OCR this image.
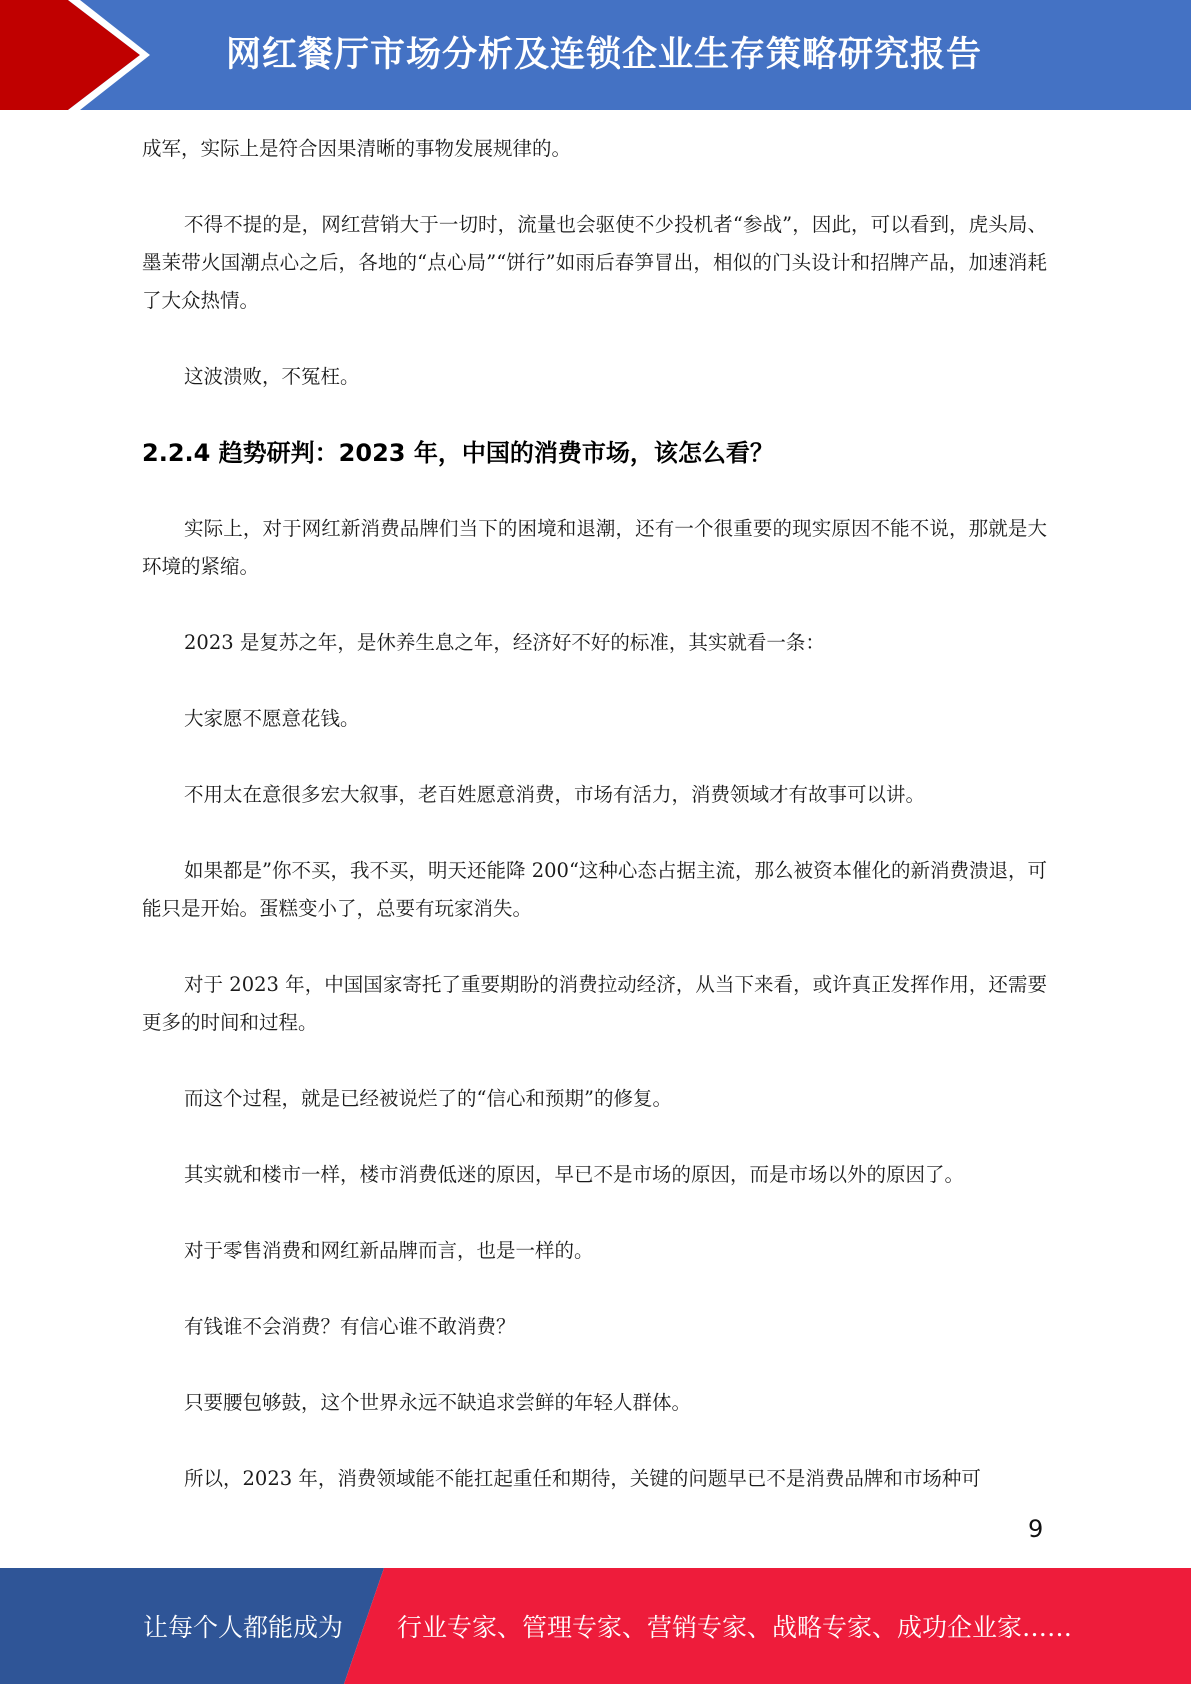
网红餐厅市场分析及连锁企业生存策略研究报告

成军，实际上是符合因果清晰的事物发展规律的。

不得不提的是，网红营销大于一切时，流量也会驱使不少投机者“参战”，因此，可以看到，虎头局、墨茉带火国潮点心之后，各地的“点心局”“饼行”如雨后春笋冒出，相似的门头设计和招牌产品，加速消耗了大众热情。

这波溃败，不冤枉。

2.2.4 趋势研判：2023 年，中国的消费市场，该怎么看？

实际上，对于网红新消费品牌们当下的困境和退潮，还有一个很重要的现实原因不能不说，那就是大环境的紧缩。

2023 是复苏之年，是休养生息之年，经济好不好的标准，其实就看一条：

大家愿不愿意花钱。

不用太在意很多宏大叙事，老百姓愿意消费，市场有活力，消费领域才有故事可以讲。

如果都是”你不买，我不买，明天还能降 200“这种心态占据主流，那么被资本催化的新消费溃退，可能只是开始。蛋糕变小了，总要有玩家消失。

对于 2023 年，中国国家寄托了重要期盼的消费拉动经济，从当下来看，或许真正发挥作用，还需要更多的时间和过程。

而这个过程，就是已经被说烂了的“信心和预期”的修复。

其实就和楼市一样，楼市消费低迷的原因，早已不是市场的原因，而是市场以外的原因了。

对于零售消费和网红新品牌而言，也是一样的。

有钱谁不会消费？有信心谁不敢消费？

只要腰包够鼓，这个世界永远不缺追求尝鲜的年轻人群体。

所以，2023 年，消费领域能不能扛起重任和期待，关键的问题早已不是消费品牌和市场种可

9
让每个人都能成为 行业专家、管理专家、营销专家、战略专家、成功企业家……
